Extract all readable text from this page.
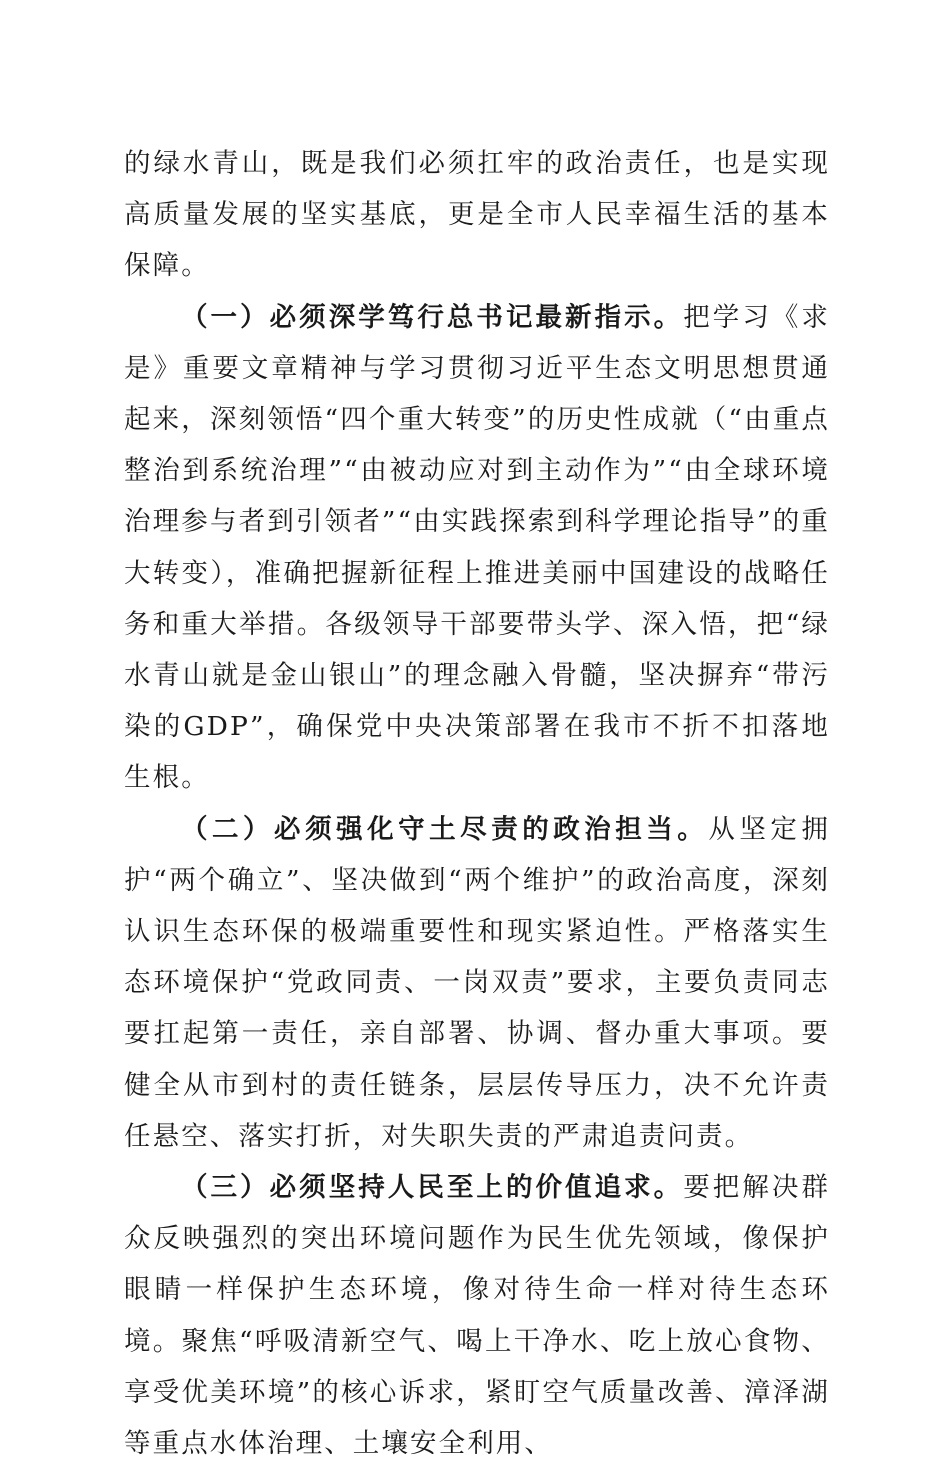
的绿水青山，既是我们必须扛牢的政治责任，也是实现高质量发展的坚实基底，更是全市人民幸福生活的基本保障。

（一）必须深学笃行总书记最新指示。把学习《求是》重要文章精神与学习贯彻习近平生态文明思想贯通起来，深刻领悟“四个重大转变”的历史性成就（“由重点整治到系统治理”“由被动应对到主动作为”“由全球环境治理参与者到引领者”“由实践探索到科学理论指导”的重大转变），准确把握新征程上推进美丽中国建设的战略任务和重大举措。各级领导干部要带头学、深入悟，把“绿水青山就是金山银山”的理念融入骨髓，坚决摒弃“带污染的GDP”，确保党中央决策部署在我市不折不扣落地生根。

（二）必须强化守土尽责的政治担当。从坚定拥护“两个确立”、坚决做到“两个维护”的政治高度，深刻认识生态环保的极端重要性和现实紧迫性。严格落实生态环境保护“党政同责、一岗双责”要求，主要负责同志要扛起第一责任，亲自部署、协调、督办重大事项。要健全从市到村的责任链条，层层传导压力，决不允许责任悬空、落实打折，对失职失责的严肃追责问责。

（三）必须坚持人民至上的价值追求。要把解决群众反映强烈的突出环境问题作为民生优先领域，像保护眼睛一样保护生态环境，像对待生命一样对待生态环境。聚焦“呼吸清新空气、喝上干净水、吃上放心食物、享受优美环境”的核心诉求，紧盯空气质量改善、漳泽湖等重点水体治理、土壤安全利用、
